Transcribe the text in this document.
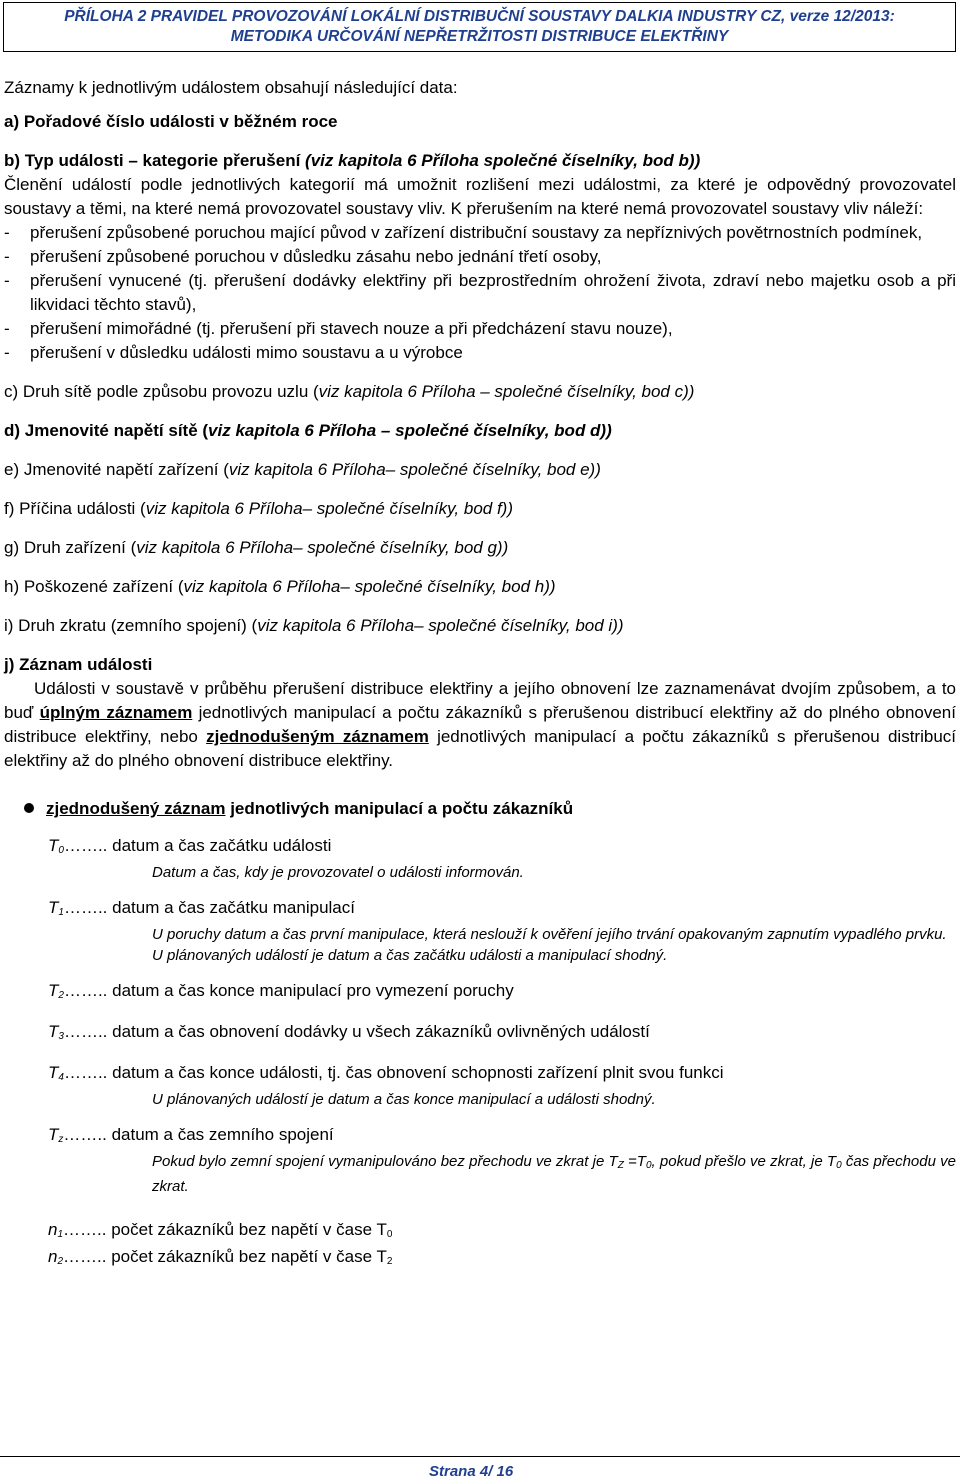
PŘÍLOHA 2 PRAVIDEL PROVOZOVÁNÍ LOKÁLNÍ DISTRIBUČNÍ SOUSTAVY DALKIA INDUSTRY CZ, verze 12/2013:
METODIKA URČOVÁNÍ NEPŘETRŽITOSTI DISTRIBUCE ELEKTŘINY

Záznamy k jednotlivým událostem obsahují následující data:

a) Pořadové číslo události v běžném roce

b) Typ události – kategorie přerušení (viz kapitola 6 Příloha společné číselníky, bod b))

Členění událostí podle jednotlivých kategorií má umožnit rozlišení mezi událostmi, za které je odpovědný provozovatel soustavy a těmi, na které nemá provozovatel soustavy vliv. K přerušením na které nemá provozovatel soustavy vliv náleží:

-	přerušení způsobené poruchou mající původ v zařízení distribuční soustavy za nepříznivých povětrnostních podmínek,
-	přerušení způsobené poruchou v důsledku zásahu nebo jednání třetí osoby,
-	přerušení vynucené (tj. přerušení dodávky elektřiny při bezprostředním ohrožení života, zdraví nebo majetku osob a při likvidaci těchto stavů),
-	přerušení mimořádné (tj. přerušení při stavech nouze a při předcházení stavu nouze),
-	přerušení v důsledku události mimo soustavu a u výrobce

c) Druh sítě podle způsobu provozu uzlu (viz kapitola 6 Příloha – společné číselníky, bod c))

d) Jmenovité napětí sítě (viz kapitola 6 Příloha – společné číselníky, bod d))

e) Jmenovité napětí zařízení (viz kapitola 6 Příloha– společné číselníky, bod e))

f) Příčina události (viz kapitola 6 Příloha– společné číselníky, bod f))

g) Druh zařízení (viz kapitola 6 Příloha– společné číselníky, bod g))

h) Poškozené zařízení (viz kapitola 6 Příloha– společné číselníky, bod h))

i) Druh zkratu (zemního spojení) (viz kapitola 6 Příloha– společné číselníky, bod i))

j) Záznam události

Události v soustavě v průběhu přerušení distribuce elektřiny a jejího obnovení lze zaznamenávat dvojím způsobem, a to buď úplným záznamem jednotlivých manipulací a počtu zákazníků s přerušenou distribucí elektřiny až do plného obnovení distribuce elektřiny, nebo zjednodušeným záznamem jednotlivých manipulací a počtu zákazníků s přerušenou distribucí elektřiny až do plného obnovení distribuce elektřiny.

zjednodušený záznam jednotlivých manipulací a počtu zákazníků

$T_0\dots\dots$.. datum a čas začátku události
Datum a čas, kdy je provozovatel o události informován.
$T_1\dots\dots$.. datum a čas začátku manipulací
U poruchy datum a čas první manipulace, která neslouží k ověření jejího trvání opakovaným zapnutím vypadlého prvku.
U plánovaných událostí je datum a čas začátku události a manipulací shodný.
$T_2\dots\dots$.. datum a čas konce manipulací pro vymezení poruchy
$T_3\dots\dots$.. datum a čas obnovení dodávky u všech zákazníků ovlivněných událostí
$T_4\dots\dots$.. datum a čas konce události, tj. čas obnovení schopnosti zařízení plnit svou funkci
U plánovaných událostí je datum a čas konce manipulací a události shodný.
$T_z\dots\dots$.. datum a čas zemního spojení
Pokud bylo zemní spojení vymanipulováno bez přechodu ve zkrat je $T_Z =T_0$, pokud přešlo ve zkrat, je $T_0$ čas přechodu ve zkrat.
$n_1\dots\dots$.. počet zákazníků bez napětí v čase $T_0$
$n_2\dots\dots$.. počet zákazníků bez napětí v čase $T_2$
Strana 4/ 16
